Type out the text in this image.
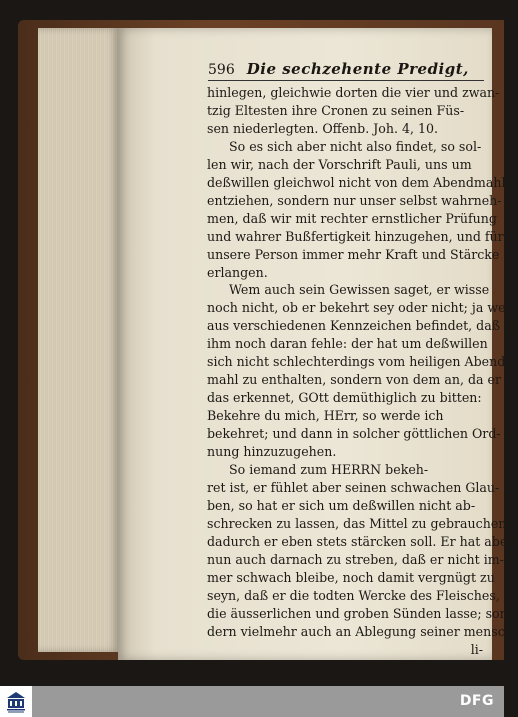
596 Die sechzehente Predigt,
hinlegen, gleichwie dorten die vier und zwan-
tzig Eltesten ihre Cronen zu seinen Füs-
sen niederlegten. Offenb. Joh. 4, 10.
So es sich aber nicht also findet, so sol-
len wir, nach der Vorschrift Pauli, uns um
deßwillen gleichwol nicht von dem Abendmahl
entziehen, sondern nur unser selbst wahrneh-
men, daß wir mit rechter ernstlicher Prüfung
und wahrer Bußfertigkeit hinzugehen, und für
unsere Person immer mehr Kraft und Stärcke
erlangen.
Wem auch sein Gewissen saget, er wisse
noch nicht, ob er bekehrt sey oder nicht; ja wer
aus verschiedenen Kennzeichen befindet, daß es
ihm noch daran fehle: der hat um deßwillen
sich nicht schlechterdings vom heiligen Abend-
mahl zu enthalten, sondern von dem an, da er
das erkennet, GOtt demüthiglich zu bitten:
Bekehre du mich, HErr, so werde ich
bekehret; und dann in solcher göttlichen Ord-
nung hinzuzugehen.
So iemand zum HERRN bekeh-
ret ist, er fühlet aber seinen schwachen Glau-
ben, so hat er sich um deßwillen nicht ab-
schrecken zu lassen, das Mittel zu gebrauchen,
dadurch er eben stets stärcken soll. Er hat aber
nun auch darnach zu streben, daß er nicht im-
mer schwach bleibe, noch damit vergnügt zu
seyn, daß er die todten Wercke des Fleisches,
die äusserlichen und groben Sünden lasse; son-
dern vielmehr auch an Ablegung seiner mensch-
li-
DFG
